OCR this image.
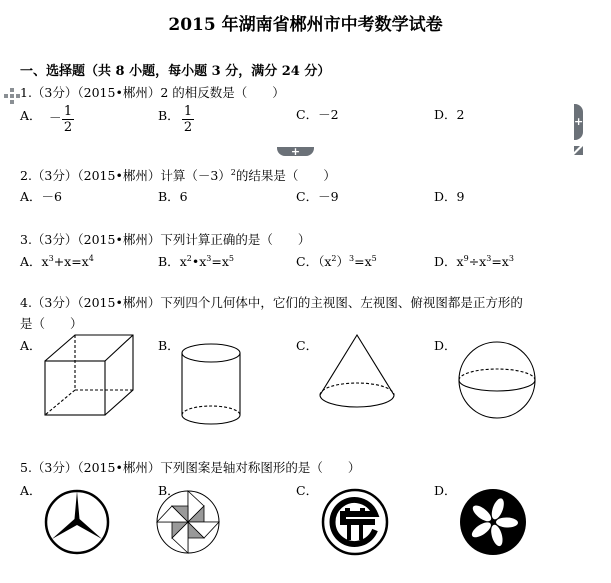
2015 年湖南省郴州市中考数学试卷
一、选择题（共 8 小题，每小题 3 分，满分 24 分）
1.（3分）（2015•郴州）2 的相反数是（　　）
A． － $\frac{1}{2}$	B． $\frac{1}{2}$	C．－2	D．2
+
+
2.（3分）（2015•郴州）计算$(-3)^2$的结果是（　　）
A．－6	B．6	C．－9	D．9
3.（3分）（2015•郴州）下列计算正确的是（　　）
A．$x^3+x=x^4$	B．$x^2•x^3=x^5$	C．$(x^2)^3=x^5$	D．$x^9\div x^3=x^3$
4.（3分）（2015•郴州）下列四个几何体中，它们的主视图、左视图、俯视图都是正方形的
是（　　）
A．	B．	C．	D．
5.（3分）（2015•郴州）下列图案是轴对称图形的是（　　）
A．	B．	C．	D．
